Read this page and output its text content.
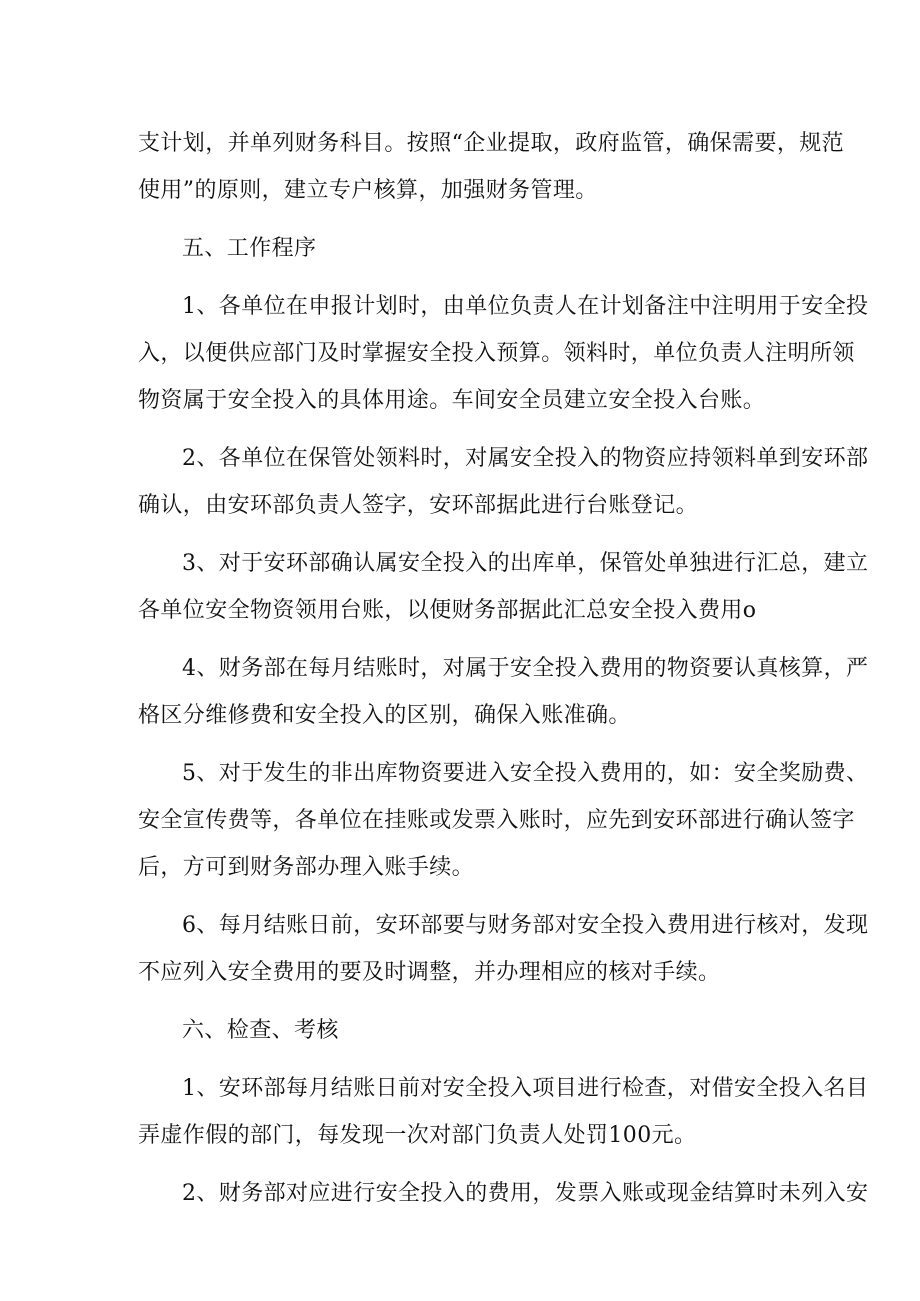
支计划，并单列财务科目。按照“企业提取，政府监管，确保需要，规范

使用”的原则，建立专户核算，加强财务管理。

五、工作程序

1、各单位在申报计划时，由单位负责人在计划备注中注明用于安全投

入，以便供应部门及时掌握安全投入预算。领料时，单位负责人注明所领

物资属于安全投入的具体用途。车间安全员建立安全投入台账。

2、各单位在保管处领料时，对属安全投入的物资应持领料单到安环部

确认，由安环部负责人签字，安环部据此进行台账登记。

3、对于安环部确认属安全投入的出库单，保管处单独进行汇总，建立

各单位安全物资领用台账，以便财务部据此汇总安全投入费用o

4、财务部在每月结账时，对属于安全投入费用的物资要认真核算，严

格区分维修费和安全投入的区别，确保入账准确。

5、对于发生的非出库物资要进入安全投入费用的，如：安全奖励费、

安全宣传费等，各单位在挂账或发票入账时，应先到安环部进行确认签字

后，方可到财务部办理入账手续。

6、每月结账日前，安环部要与财务部对安全投入费用进行核对，发现

不应列入安全费用的要及时调整，并办理相应的核对手续。

六、检查、考核

1、安环部每月结账日前对安全投入项目进行检查，对借安全投入名目

弄虚作假的部门，每发现一次对部门负责人处罚100元。

2、财务部对应进行安全投入的费用，发票入账或现金结算时未列入安
